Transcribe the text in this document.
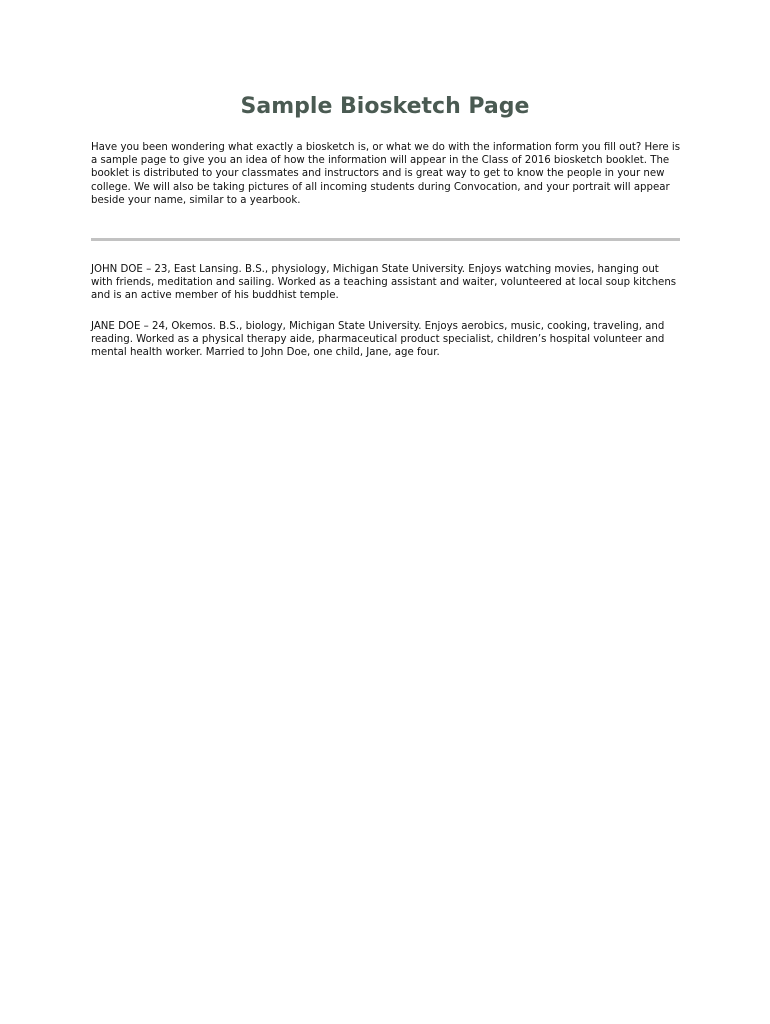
Sample Biosketch Page

Have you been wondering what exactly a biosketch is, or what we do with the information form you fill out? Here is a sample page to give you an idea of how the information will appear in the Class of 2016 biosketch booklet. The booklet is distributed to your classmates and instructors and is great way to get to know the people in your new college. We will also be taking pictures of all incoming students during Convocation, and your portrait will appear beside your name, similar to a yearbook.

JOHN DOE – 23, East Lansing. B.S., physiology, Michigan State University. Enjoys watching movies, hanging out with friends, meditation and sailing. Worked as a teaching assistant and waiter, volunteered at local soup kitchens and is an active member of his buddhist temple.

JANE DOE – 24, Okemos. B.S., biology, Michigan State University. Enjoys aerobics, music, cooking, traveling, and reading. Worked as a physical therapy aide, pharmaceutical product specialist, children’s hospital volunteer and mental health worker. Married to John Doe, one child, Jane, age four.
